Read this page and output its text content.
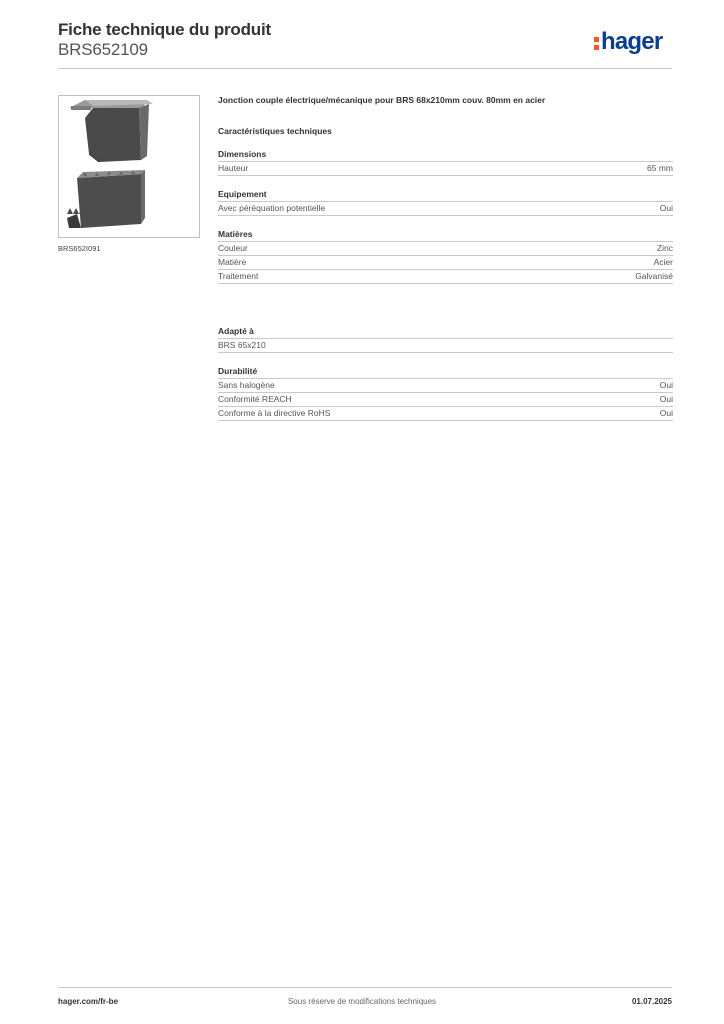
Fiche technique du produit
BRS652109	hager
BRS652I091
Jonction couple électrique/mécanique pour BRS 68x210mm couv. 80mm en acier
Caractéristiques techniques
Dimensions
Hauteur	65 mm
Equipement
Avec péréquation potentielle	Oui
Matières
Couleur	Zinc
Matière	Acier
Traitement	Galvanisé
Adapté à
BRS 65x210
Durabilité
Sans halogène	Oui
Conformité REACH	Oui
Conforme à la directive RoHS	Oui
hager.com/fr-be	Sous réserve de modifications techniques	01.07.2025
